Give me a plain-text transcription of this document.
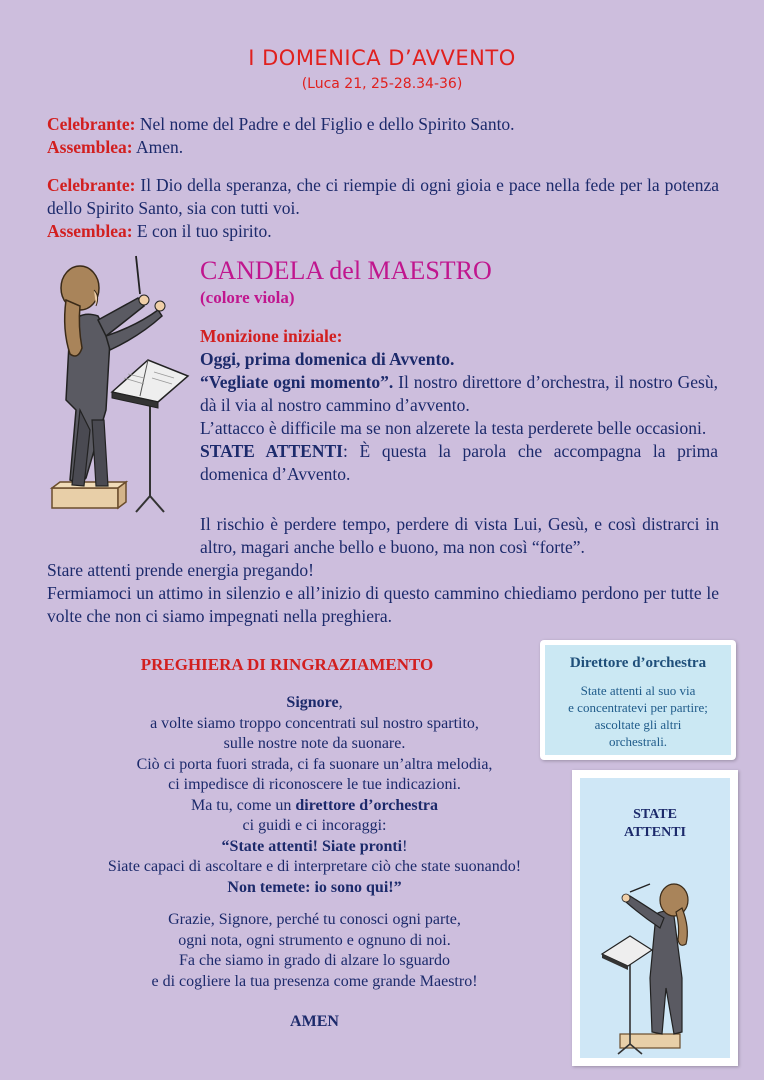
I DOMENICA D’AVVENTO
(Luca 21, 25-28.34-36)
Celebrante: Nel nome del Padre e del Figlio e dello Spirito Santo.
Assemblea: Amen.
Celebrante: Il Dio della speranza, che ci riempie di ogni gioia e pace nella fede per la potenza dello Spirito Santo, sia con tutti voi.
Assemblea: E con il tuo spirito.
CANDELA del MAESTRO
(colore viola)
Monizione iniziale:
Oggi, prima domenica di Avvento.
“Vegliate ogni momento”. Il nostro direttore d’orchestra, il nostro Gesù, dà il via al nostro cammino d’avvento.
L’attacco è difficile ma se non alzerete la testa perderete belle occasioni.
STATE ATTENTI: È questa la parola che accompagna la prima domenica d’Avvento.
Il rischio è perdere tempo, perdere di vista Lui, Gesù, e così distrarci in altro, magari anche bello e buono, ma non così “forte”.
Stare attenti prende energia pregando!
Fermiamoci un attimo in silenzio e all’inizio di questo cammino chiediamo perdono per tutte le volte che non ci siamo impegnati nella preghiera.
PREGHIERA DI RINGRAZIAMENTO
Signore,
a volte siamo troppo concentrati sul nostro spartito,
sulle nostre note da suonare.
Ciò ci porta fuori strada, ci fa suonare un’altra melodia,
ci impedisce di riconoscere le tue indicazioni.
Ma tu, come un direttore d’orchestra
ci guidi e ci incoraggi:
“State attenti! Siate pronti!
Siate capaci di ascoltare e di interpretare ciò che state suonando!
Non temete: io sono qui!”
Grazie, Signore, perché tu conosci ogni parte,
ogni nota, ogni strumento e ognuno di noi.
Fa che siamo in grado di alzare lo sguardo
e di cogliere la tua presenza come grande Maestro!
AMEN
Direttore d’orchestra
State attenti al suo via
e concentratevi per partire;
ascoltate gli altri
orchestrali.
STATE
ATTENTI
